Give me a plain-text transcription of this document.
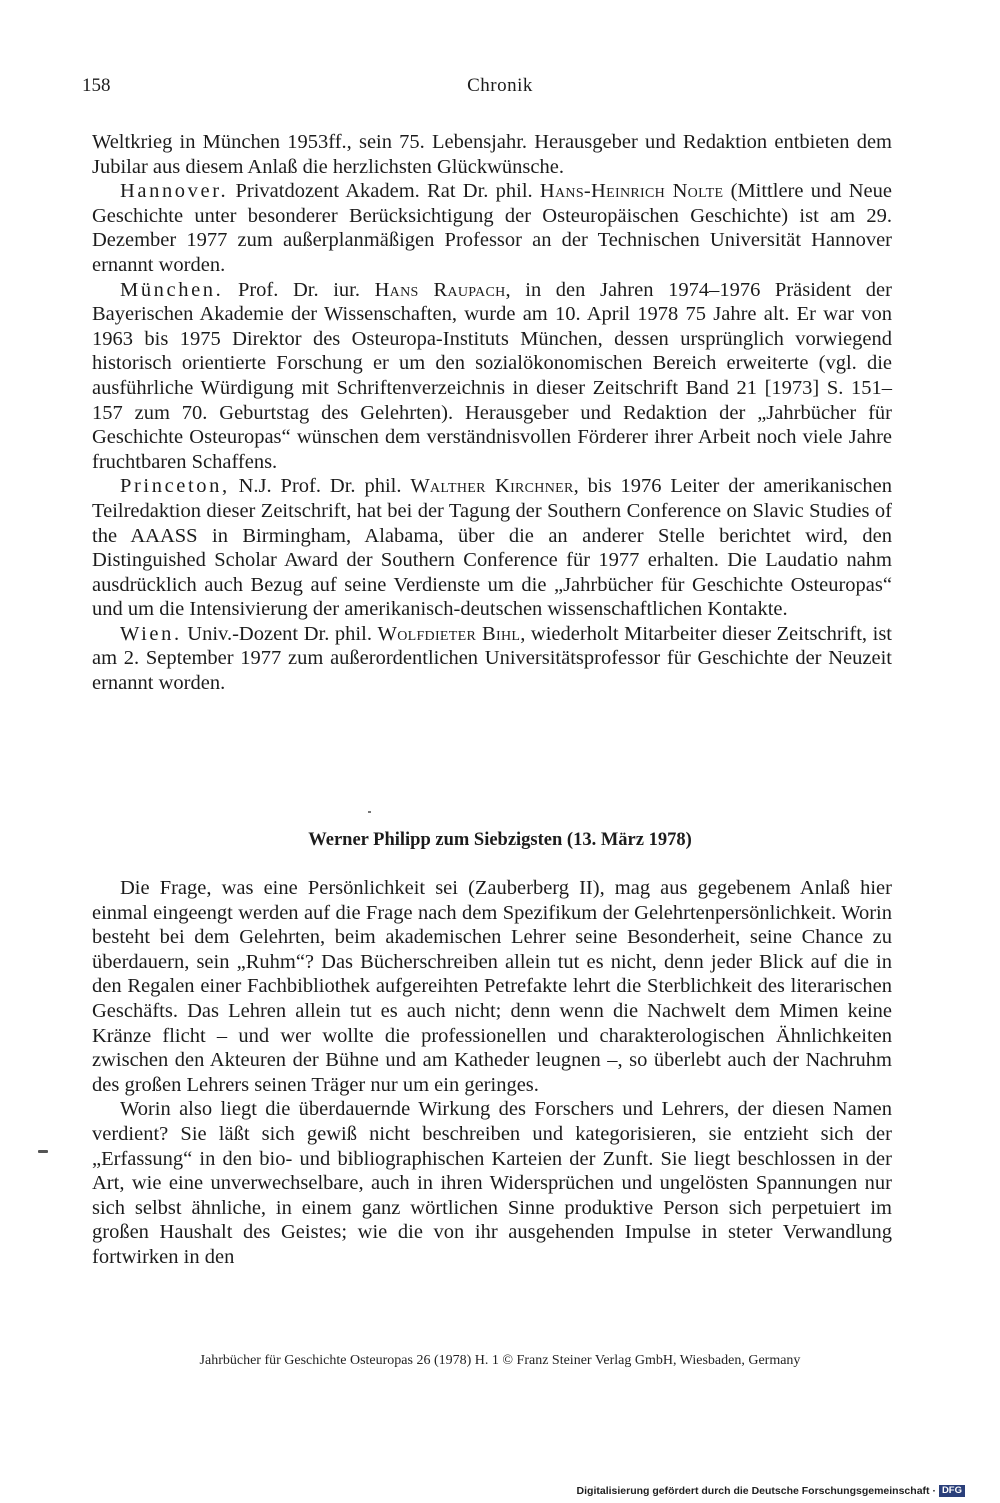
158	Chronik

Weltkrieg in München 1953ff., sein 75. Lebensjahr. Herausgeber und Redaktion entbieten dem Jubilar aus diesem Anlaß die herzlichsten Glückwünsche.

Hannover. Privatdozent Akadem. Rat Dr. phil. Hans-Heinrich Nolte (Mittlere und Neue Geschichte unter besonderer Berücksichtigung der Osteuropäischen Geschichte) ist am 29. Dezember 1977 zum außerplanmäßigen Professor an der Technischen Universität Hannover ernannt worden.

München. Prof. Dr. iur. Hans Raupach, in den Jahren 1974–1976 Präsident der Bayerischen Akademie der Wissenschaften, wurde am 10. April 1978 75 Jahre alt. Er war von 1963 bis 1975 Direktor des Osteuropa-Instituts München, dessen ursprünglich vorwiegend historisch orientierte Forschung er um den sozialökonomischen Bereich erweiterte (vgl. die ausführliche Würdigung mit Schriftenverzeichnis in dieser Zeitschrift Band 21 [1973] S. 151–157 zum 70. Geburtstag des Gelehrten). Herausgeber und Redaktion der „Jahrbücher für Geschichte Osteuropas“ wünschen dem verständnisvollen Förderer ihrer Arbeit noch viele Jahre fruchtbaren Schaffens.

Princeton, N.J. Prof. Dr. phil. Walther Kirchner, bis 1976 Leiter der amerikanischen Teilredaktion dieser Zeitschrift, hat bei der Tagung der Southern Conference on Slavic Studies of the AAASS in Birmingham, Alabama, über die an anderer Stelle berichtet wird, den Distinguished Scholar Award der Southern Conference für 1977 erhalten. Die Laudatio nahm ausdrücklich auch Bezug auf seine Verdienste um die „Jahrbücher für Geschichte Osteuropas“ und um die Intensivierung der amerikanisch-deutschen wissenschaftlichen Kontakte.

Wien. Univ.-Dozent Dr. phil. Wolfdieter Bihl, wiederholt Mitarbeiter dieser Zeitschrift, ist am 2. September 1977 zum außerordentlichen Universitätsprofessor für Geschichte der Neuzeit ernannt worden.

Werner Philipp zum Siebzigsten (13. März 1978)

Die Frage, was eine Persönlichkeit sei (Zauberberg II), mag aus gegebenem Anlaß hier einmal eingeengt werden auf die Frage nach dem Spezifikum der Gelehrtenpersönlichkeit. Worin besteht bei dem Gelehrten, beim akademischen Lehrer seine Besonderheit, seine Chance zu überdauern, sein „Ruhm“? Das Bücherschreiben allein tut es nicht, denn jeder Blick auf die in den Regalen einer Fachbibliothek aufgereihten Petrefakte lehrt die Sterblichkeit des literarischen Geschäfts. Das Lehren allein tut es auch nicht; denn wenn die Nachwelt dem Mimen keine Kränze flicht – und wer wollte die professionellen und charakterologischen Ähnlichkeiten zwischen den Akteuren der Bühne und am Katheder leugnen –, so überlebt auch der Nachruhm des großen Lehrers seinen Träger nur um ein geringes.

Worin also liegt die überdauernde Wirkung des Forschers und Lehrers, der diesen Namen verdient? Sie läßt sich gewiß nicht beschreiben und kategorisieren, sie entzieht sich der „Erfassung“ in den bio- und bibliographischen Karteien der Zunft. Sie liegt beschlossen in der Art, wie eine unverwechselbare, auch in ihren Widersprüchen und ungelösten Spannungen nur sich selbst ähnliche, in einem ganz wörtlichen Sinne produktive Person sich perpetuiert im großen Haushalt des Geistes; wie die von ihr ausgehenden Impulse in steter Verwandlung fortwirken in den

Jahrbücher für Geschichte Osteuropas 26 (1978) H. 1 © Franz Steiner Verlag GmbH, Wiesbaden, Germany
Digitalisierung gefördert durch die Deutsche Forschungsgemeinschaft · DFG
